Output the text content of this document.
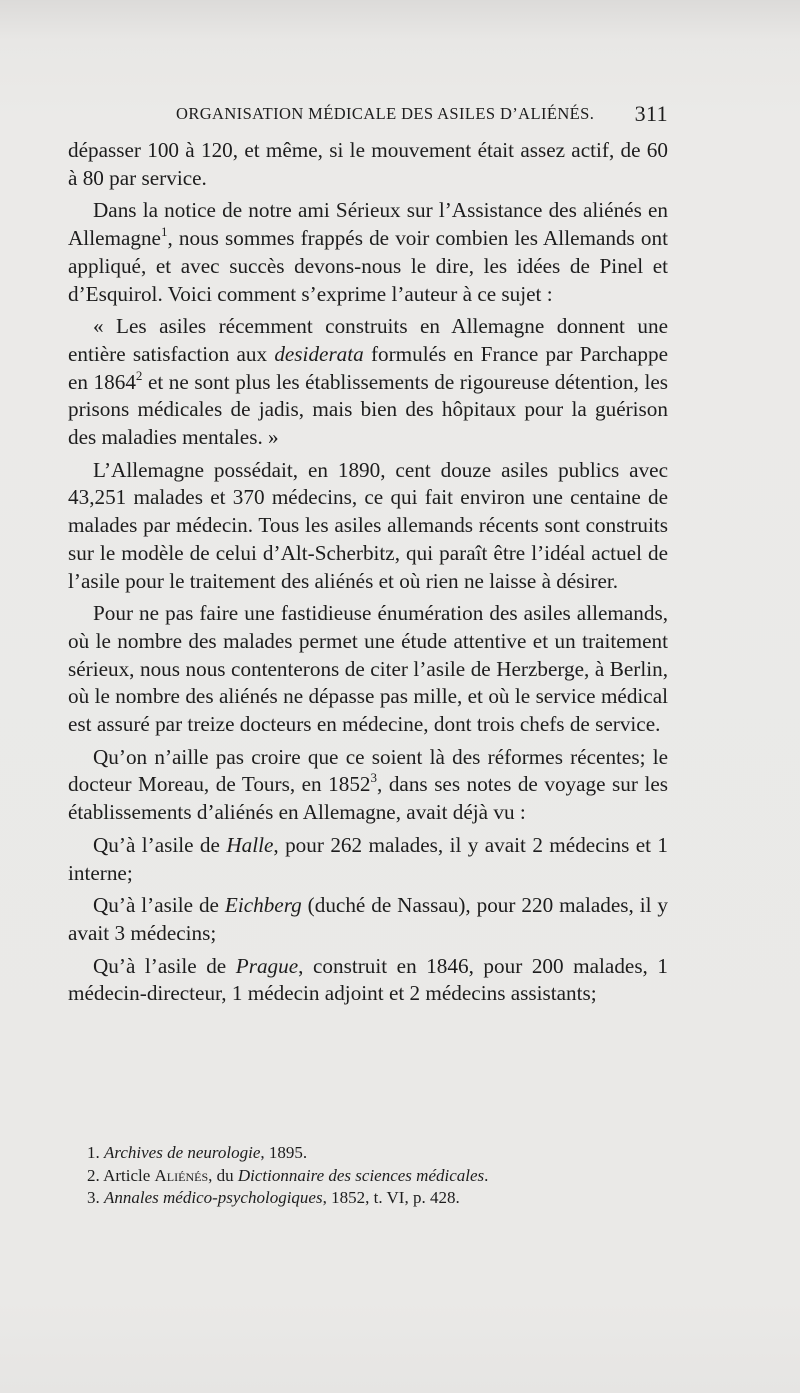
ORGANISATION MÉDICALE DES ASILES D’ALIÉNÉS. 311

dépasser 100 à 120, et même, si le mouvement était assez actif, de 60 à 80 par service.

Dans la notice de notre ami Sérieux sur l’Assistance des aliénés en Allemagne$^1$, nous sommes frappés de voir combien les Allemands ont appliqué, et avec succès devons-nous le dire, les idées de Pinel et d’Esquirol. Voici comment s’exprime l’auteur à ce sujet :

« Les asiles récemment construits en Allemagne donnent une entière satisfaction aux desiderata formulés en France par Parchappe en 1864$^2$ et ne sont plus les établissements de rigoureuse détention, les prisons médicales de jadis, mais bien des hôpitaux pour la guérison des maladies mentales. »

L’Allemagne possédait, en 1890, cent douze asiles publics avec 43,251 malades et 370 médecins, ce qui fait environ une centaine de malades par médecin. Tous les asiles allemands récents sont construits sur le modèle de celui d’Alt-Scherbitz, qui paraît être l’idéal actuel de l’asile pour le traitement des aliénés et où rien ne laisse à désirer.

Pour ne pas faire une fastidieuse énumération des asiles allemands, où le nombre des malades permet une étude attentive et un traitement sérieux, nous nous contenterons de citer l’asile de Herzberge, à Berlin, où le nombre des aliénés ne dépasse pas mille, et où le service médical est assuré par treize docteurs en médecine, dont trois chefs de service.

Qu’on n’aille pas croire que ce soient là des réformes récentes; le docteur Moreau, de Tours, en 1852$^3$, dans ses notes de voyage sur les établissements d’aliénés en Allemagne, avait déjà vu :

Qu’à l’asile de Halle, pour 262 malades, il y avait 2 médecins et 1 interne;

Qu’à l’asile de Eichberg (duché de Nassau), pour 220 malades, il y avait 3 médecins;

Qu’à l’asile de Prague, construit en 1846, pour 200 malades, 1 médecin-directeur, 1 médecin adjoint et 2 médecins assistants;

1. Archives de neurologie, 1895.
2. Article Aliénés, du Dictionnaire des sciences médicales.
3. Annales médico-psychologiques, 1852, t. VI, p. 428.
